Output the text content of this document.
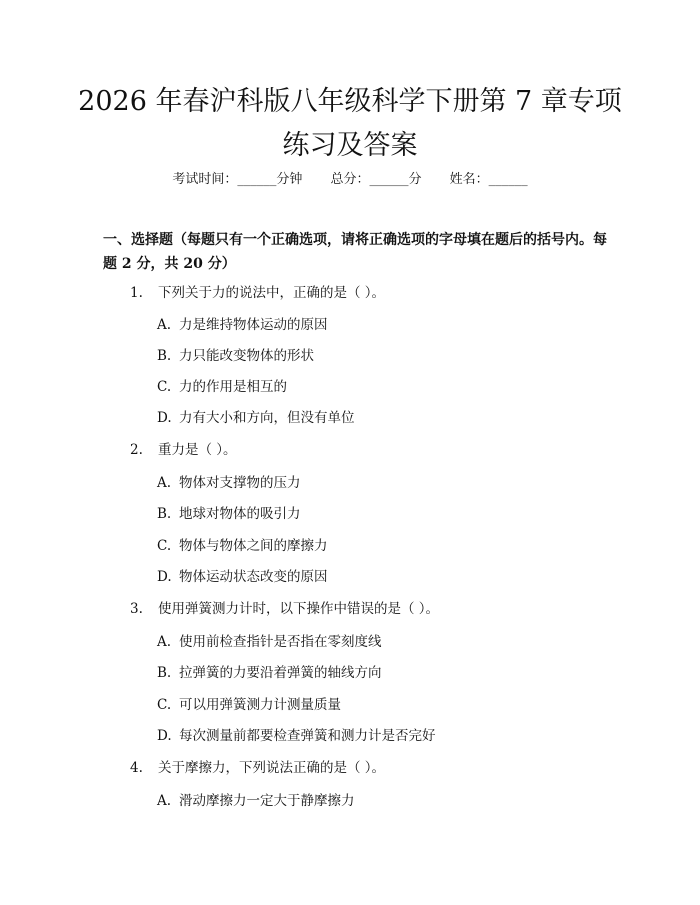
2026 年春沪科版八年级科学下册第 7 章专项
练习及答案
考试时间：______分钟 总分：______分 姓名：______
一、选择题（每题只有一个正确选项，请将正确选项的字母填在题后的括号内。每题 2 分，共 20 分）
1. 下列关于力的说法中，正确的是（ ）。
A. 力是维持物体运动的原因
B. 力只能改变物体的形状
C. 力的作用是相互的
D. 力有大小和方向，但没有单位
2. 重力是（ ）。
A. 物体对支撑物的压力
B. 地球对物体的吸引力
C. 物体与物体之间的摩擦力
D. 物体运动状态改变的原因
3. 使用弹簧测力计时，以下操作中错误的是（ ）。
A. 使用前检查指针是否指在零刻度线
B. 拉弹簧的力要沿着弹簧的轴线方向
C. 可以用弹簧测力计测量质量
D. 每次测量前都要检查弹簧和测力计是否完好
4. 关于摩擦力，下列说法正确的是（ ）。
A. 滑动摩擦力一定大于静摩擦力
